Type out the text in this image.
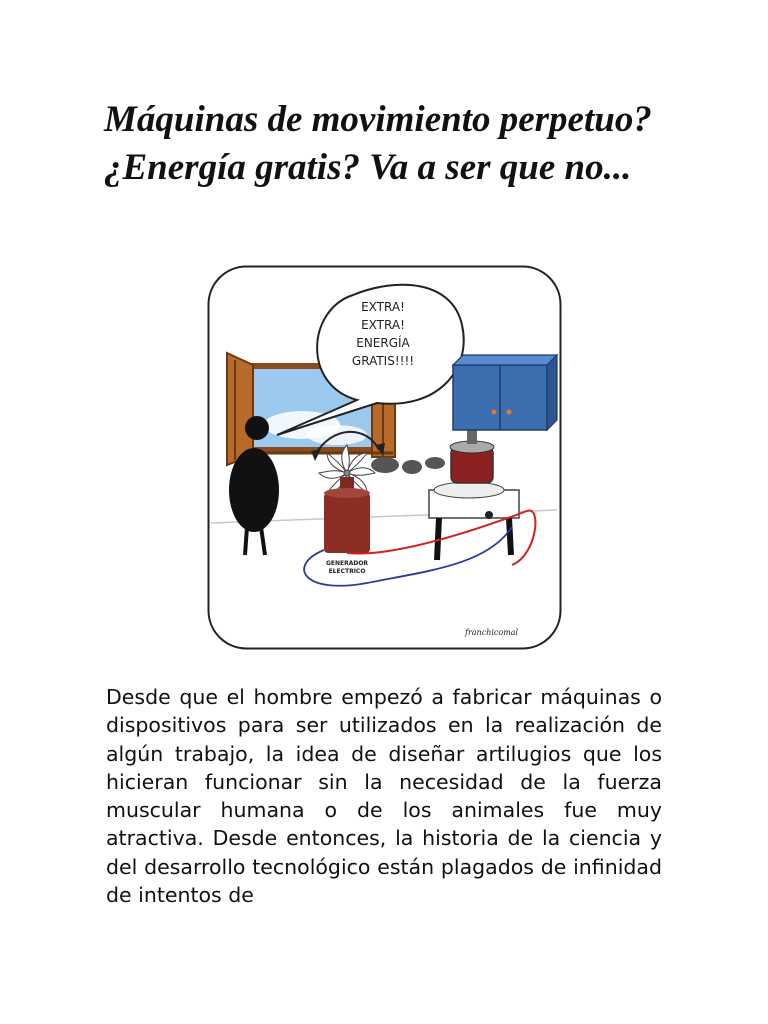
Máquinas de movimiento perpetuo? ¿Energía gratis? Va a ser que no...
EXTRA!
EXTRA!
ENERGÍA
GRATIS!!!!
GENERADOR
ELECTRICO
franchicomal

Desde que el hombre empezó a fabricar máquinas o dispositivos para ser utilizados en la realización de algún trabajo, la idea de diseñar artilugios que los hicieran funcionar sin la necesidad de la fuerza muscular humana o de los animales fue muy atractiva. Desde entonces, la historia de la ciencia y del desarrollo tecnológico están plagados de infinidad de intentos de
